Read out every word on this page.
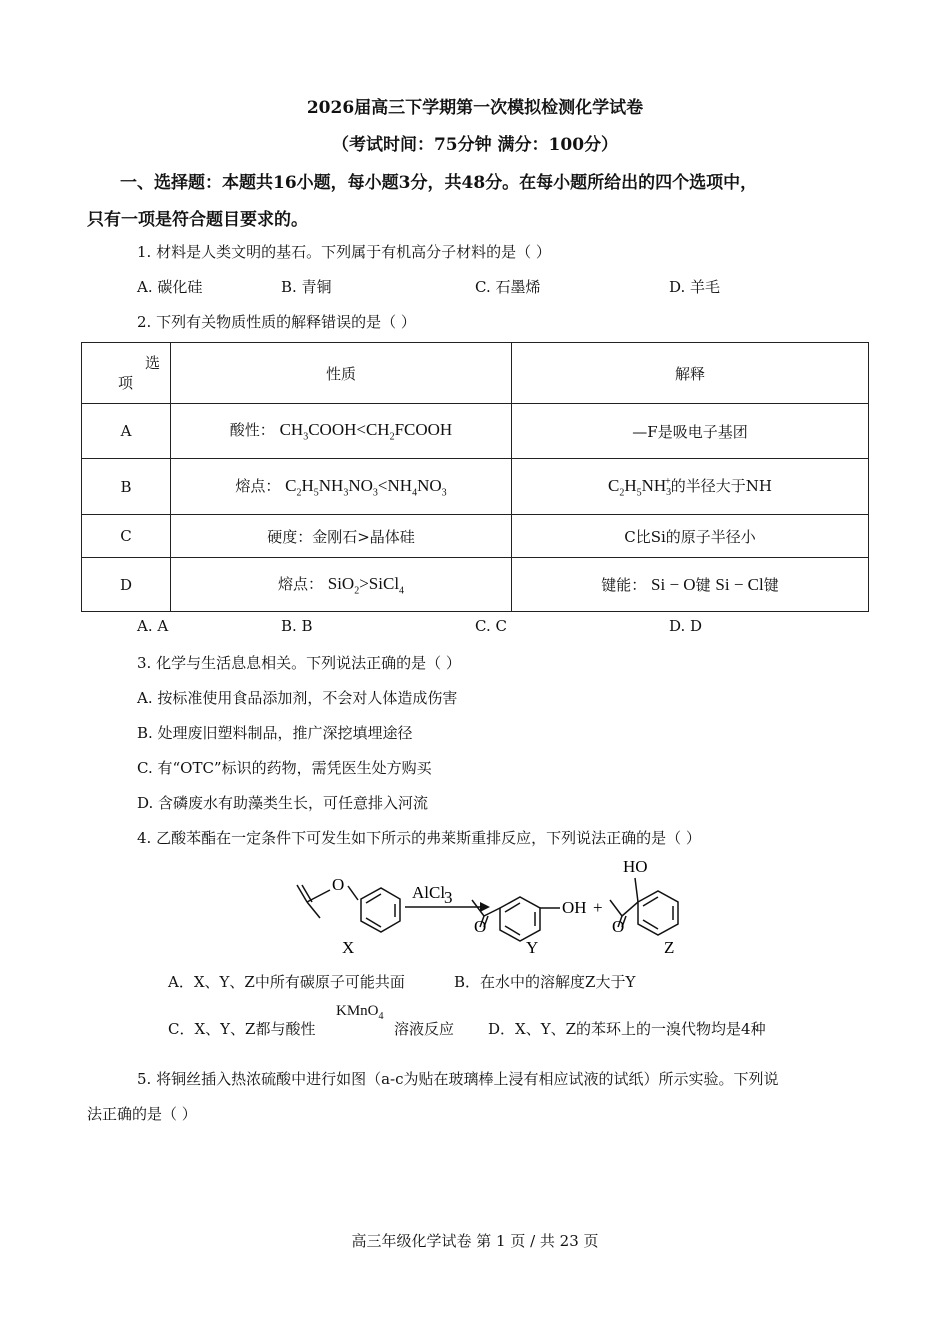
2026届高三下学期第一次模拟检测化学试卷
（考试时间：75分钟 满分：100分）
一、选择题：本题共16小题，每小题3分，共48分。在每小题所给出的四个选项中，
只有一项是符合题目要求的。
1. 材料是人类文明的基石。下列属于有机高分子材料的是（ ）
A. 碳化硅	B. 青铜	C. 石墨烯	D. 羊毛
2. 下列有关物质性质的解释错误的是（ ）
选
项	性质	解释
A	酸性： $CH_3COOH<CH_2FCOOH$	—F是吸电子基团
B	熔点： $C_2H_5NH_3NO_3<NH_4NO_3$	$C_2H_5NH_3^+$的半径大于NH
C	硬度：金刚石>晶体硅	C比Si的原子半径小
D	熔点： SiO$_2$>SiCl$_4$	键能： Si − O键 Si − Cl键
A. A	B. B	C. C	D. D
3. 化学与生活息息相关。下列说法正确的是（ ）
A. 按标准使用食品添加剂，不会对人体造成伤害
B. 处理废旧塑料制品，推广深挖填埋途径
C. 有“OTC”标识的药物，需凭医生处方购买
D. 含磷废水有助藻类生长，可任意排入河流
4. 乙酸苯酯在一定条件下可发生如下所示的弗莱斯重排反应，下列说法正确的是（ ）
O	AlCl
3
O
OH +
O
HO
X	Y	Z
A．X、Y、Z中所有碳原子可能共面	B．在水中的溶解度Z大于Y
C．X、Y、Z都与酸性
KMnO$_4$
溶液反应 D．X、Y、Z的苯环上的一溴代物均是4种
5. 将铜丝插入热浓硫酸中进行如图（a-c为贴在玻璃棒上浸有相应试液的试纸）所示实验。下列说
法正确的是（ ）
高三年级化学试卷 第 1 页 / 共 23 页
